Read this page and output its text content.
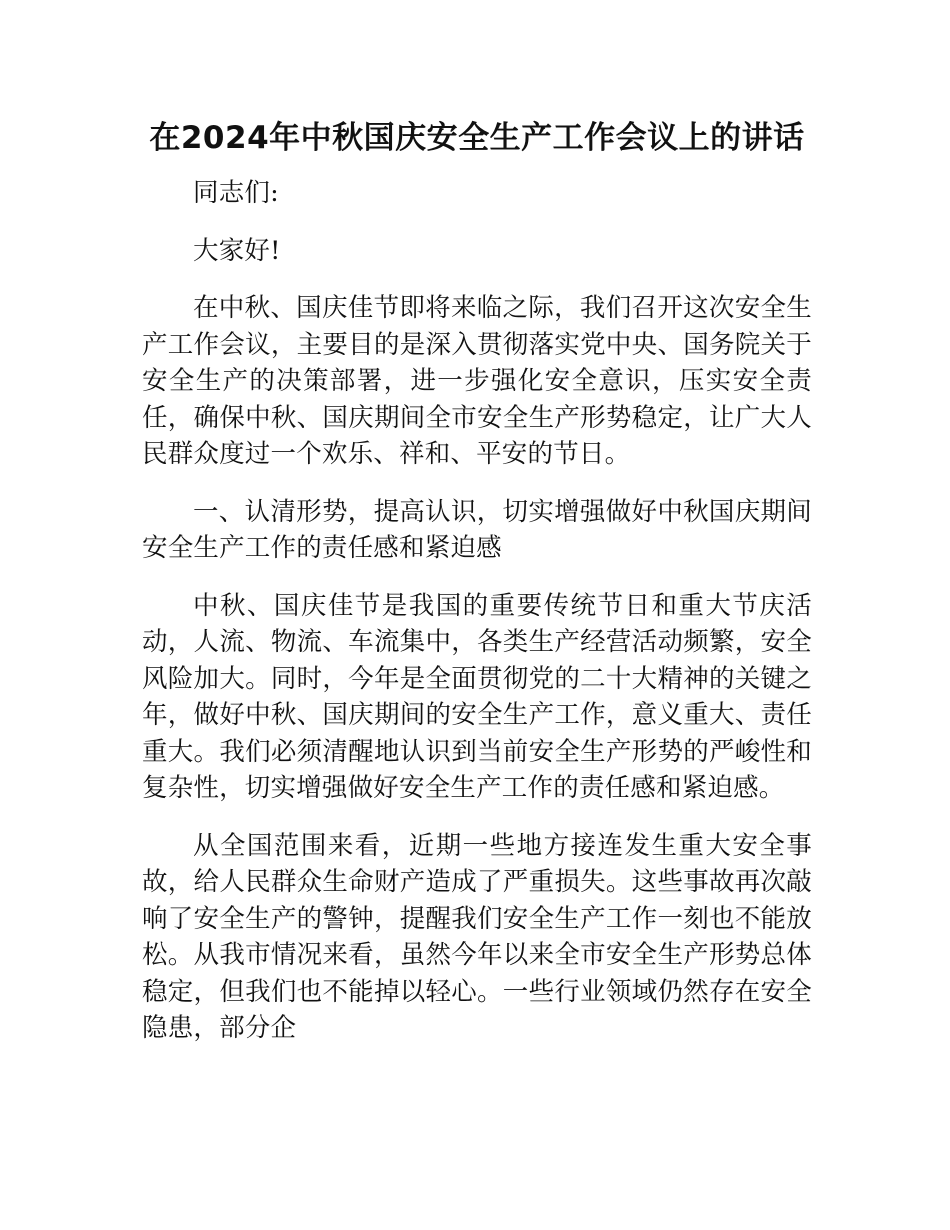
在2024年中秋国庆安全生产工作会议上的讲话

同志们:

大家好!

在中秋、国庆佳节即将来临之际，我们召开这次安全生产工作会议，主要目的是深入贯彻落实党中央、国务院关于安全生产的决策部署，进一步强化安全意识，压实安全责任，确保中秋、国庆期间全市安全生产形势稳定，让广大人民群众度过一个欢乐、祥和、平安的节日。

一、认清形势，提高认识，切实增强做好中秋国庆期间安全生产工作的责任感和紧迫感

中秋、国庆佳节是我国的重要传统节日和重大节庆活动，人流、物流、车流集中，各类生产经营活动频繁，安全风险加大。同时，今年是全面贯彻党的二十大精神的关键之年，做好中秋、国庆期间的安全生产工作，意义重大、责任重大。我们必须清醒地认识到当前安全生产形势的严峻性和复杂性，切实增强做好安全生产工作的责任感和紧迫感。

从全国范围来看，近期一些地方接连发生重大安全事故，给人民群众生命财产造成了严重损失。这些事故再次敲响了安全生产的警钟，提醒我们安全生产工作一刻也不能放松。从我市情况来看，虽然今年以来全市安全生产形势总体稳定，但我们也不能掉以轻心。一些行业领域仍然存在安全隐患，部分企
